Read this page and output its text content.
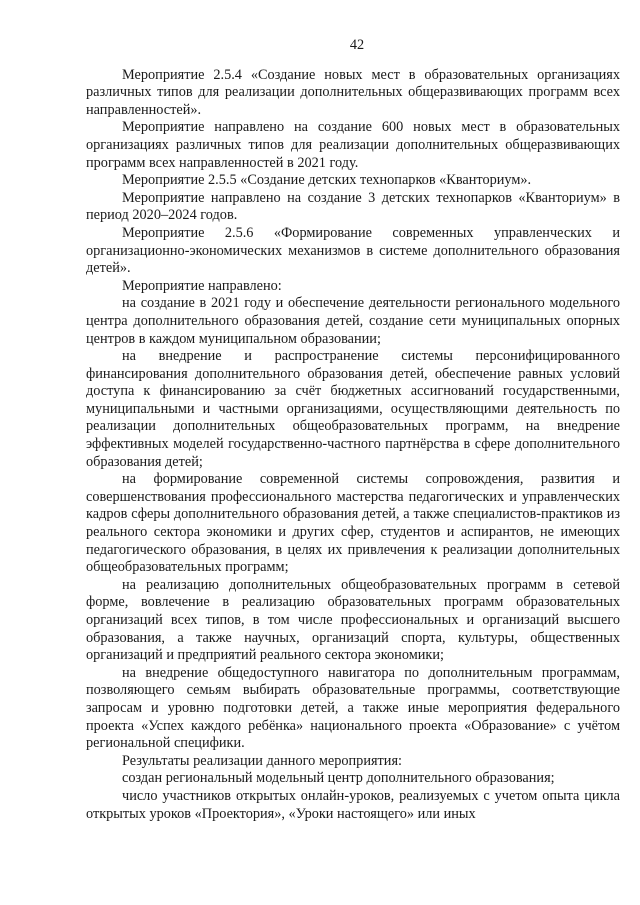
42

Мероприятие 2.5.4 «Создание новых мест в образовательных организациях различных типов для реализации дополнительных общеразвивающих программ всех направленностей».

Мероприятие направлено на создание 600 новых мест в образовательных организациях различных типов для реализации дополнительных общеразвивающих программ всех направленностей в 2021 году.

Мероприятие 2.5.5 «Создание детских технопарков «Кванториум».

Мероприятие направлено на создание 3 детских технопарков «Кванториум» в период 2020–2024 годов.

Мероприятие 2.5.6 «Формирование современных управленческих и организационно-экономических механизмов в системе дополнительного образования детей».

Мероприятие направлено:

на создание в 2021 году и обеспечение деятельности регионального модельного центра дополнительного образования детей, создание сети муниципальных опорных центров в каждом муниципальном образовании;

на внедрение и распространение системы персонифицированного финансирования дополнительного образования детей, обеспечение равных условий доступа к финансированию за счёт бюджетных ассигнований государственными, муниципальными и частными организациями, осуществляющими деятельность по реализации дополнительных общеобразовательных программ, на внедрение эффективных моделей государственно-частного партнёрства в сфере дополнительного образования детей;

на формирование современной системы сопровождения, развития и совершенствования профессионального мастерства педагогических и управленческих кадров сферы дополнительного образования детей, а также специалистов-практиков из реального сектора экономики и других сфер, студентов и аспирантов, не имеющих педагогического образования, в целях их привлечения к реализации дополнительных общеобразовательных программ;

на реализацию дополнительных общеобразовательных программ в сетевой форме, вовлечение в реализацию образовательных программ образовательных организаций всех типов, в том числе профессиональных и организаций высшего образования, а также научных, организаций спорта, культуры, общественных организаций и предприятий реального сектора экономики;

на внедрение общедоступного навигатора по дополнительным программам, позволяющего семьям выбирать образовательные программы, соответствующие запросам и уровню подготовки детей, а также иные мероприятия федерального проекта «Успех каждого ребёнка» национального проекта «Образование» с учётом региональной специфики.

Результаты реализации данного мероприятия:

создан региональный модельный центр дополнительного образования;

число участников открытых онлайн-уроков, реализуемых с учетом опыта цикла открытых уроков «Проектория», «Уроки настоящего» или иных
